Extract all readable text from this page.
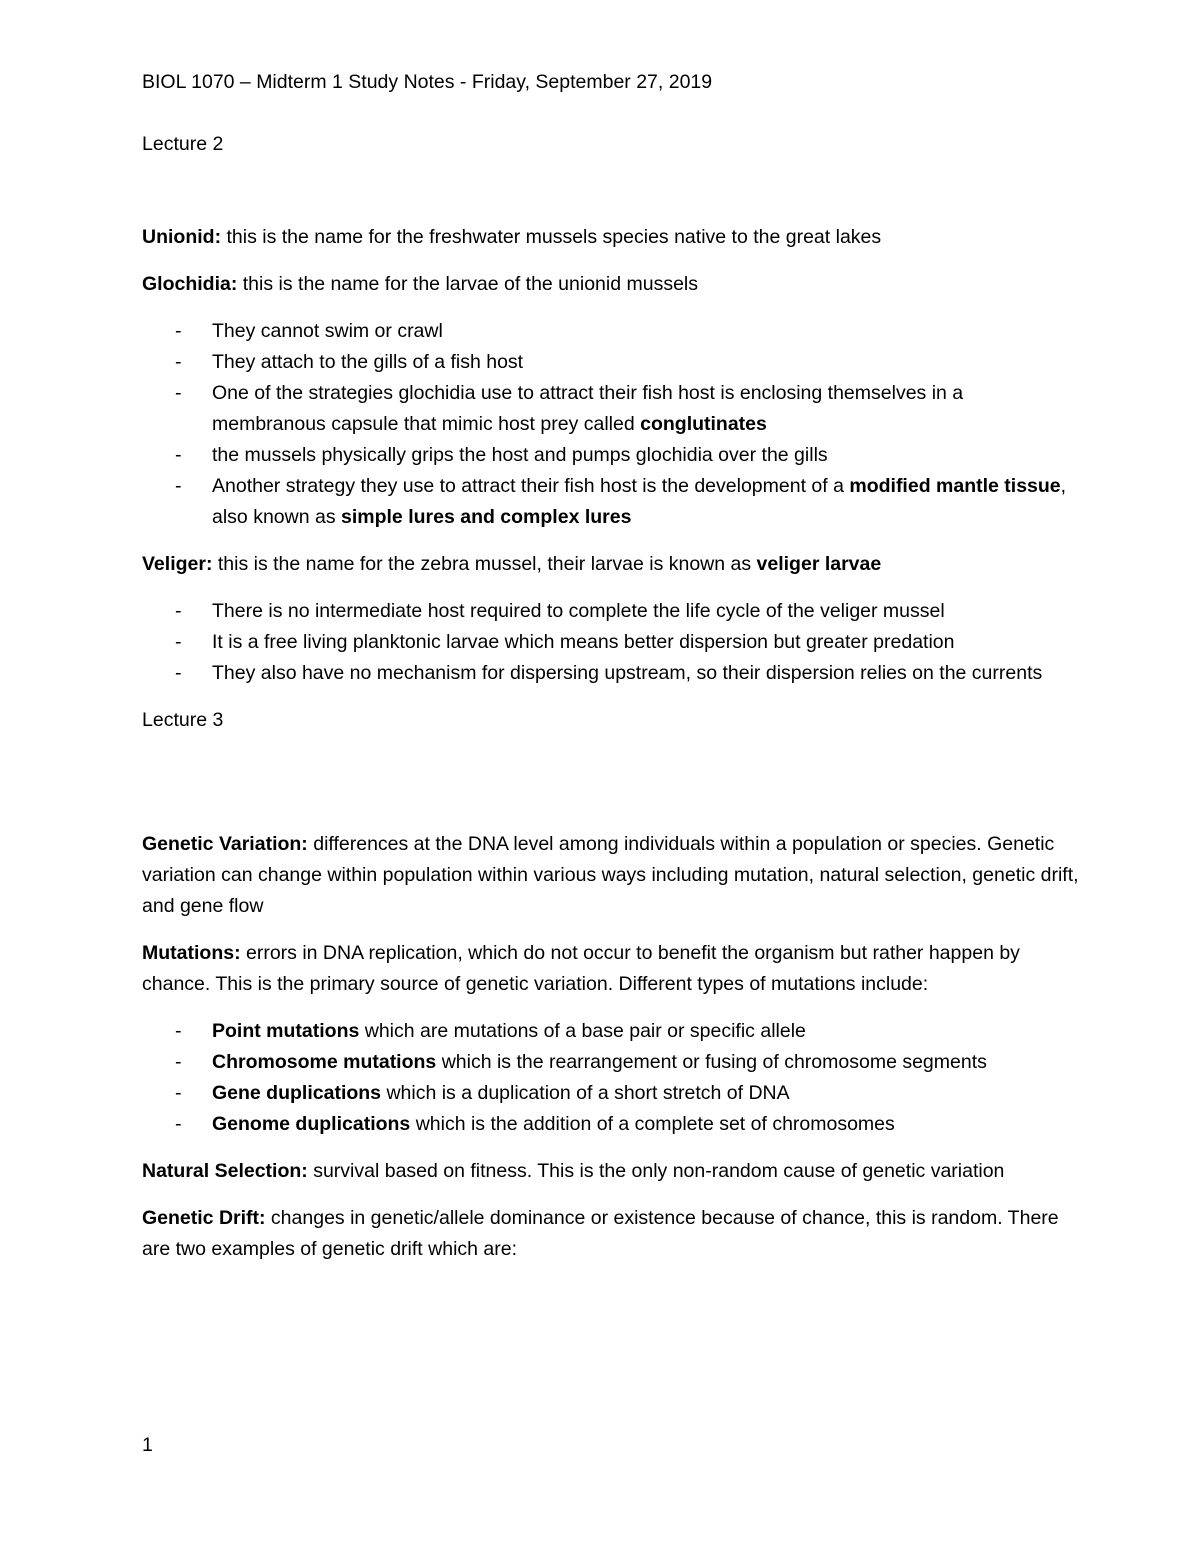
BIOL 1070 – Midterm 1 Study Notes - Friday, September 27, 2019
Lecture 2

Unionid: this is the name for the freshwater mussels species native to the great lakes

Glochidia: this is the name for the larvae of the unionid mussels

- They cannot swim or crawl
- They attach to the gills of a fish host
- One of the strategies glochidia use to attract their fish host is enclosing themselves in a membranous capsule that mimic host prey called conglutinates
- the mussels physically grips the host and pumps glochidia over the gills
- Another strategy they use to attract their fish host is the development of a modified mantle tissue, also known as simple lures and complex lures

Veliger: this is the name for the zebra mussel, their larvae is known as veliger larvae

- There is no intermediate host required to complete the life cycle of the veliger mussel
- It is a free living planktonic larvae which means better dispersion but greater predation
- They also have no mechanism for dispersing upstream, so their dispersion relies on the currents
Lecture 3

Genetic Variation: differences at the DNA level among individuals within a population or species. Genetic variation can change within population within various ways including mutation, natural selection, genetic drift, and gene flow

Mutations: errors in DNA replication, which do not occur to benefit the organism but rather happen by chance. This is the primary source of genetic variation. Different types of mutations include:

- Point mutations which are mutations of a base pair or specific allele
- Chromosome mutations which is the rearrangement or fusing of chromosome segments
- Gene duplications which is a duplication of a short stretch of DNA
- Genome duplications which is the addition of a complete set of chromosomes

Natural Selection: survival based on fitness. This is the only non-random cause of genetic variation

Genetic Drift: changes in genetic/allele dominance or existence because of chance, this is random. There are two examples of genetic drift which are:

1
